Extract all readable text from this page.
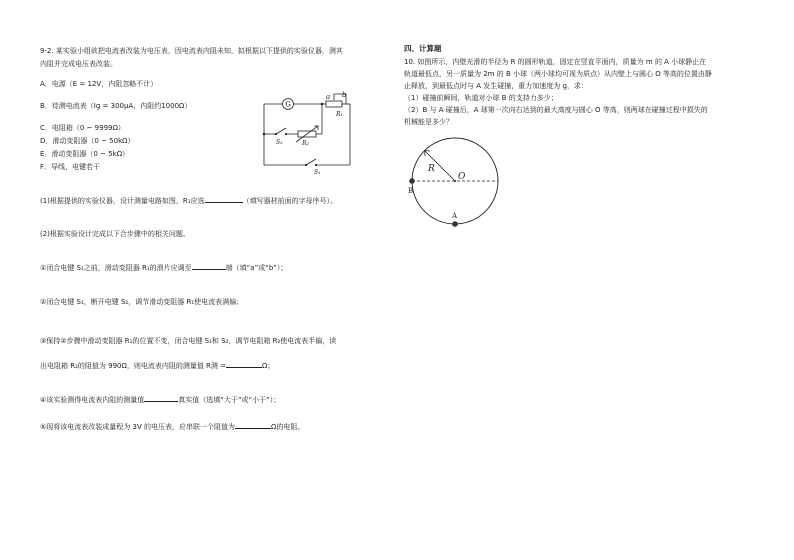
9-2. 某实验小组欲把电流表改装为电压表，因电流表内阻未知，拟根据以下提供的实验仪器，测其
内阻并完成电压表改装。
A．电源（E = 12V，内阻忽略不计）
B．待测电流表（Ig = 300μA，内阻约1000Ω）
C．电阻箱（0 ~ 9999Ω）
D．滑动变阻器（0 ~ 50kΩ）
E．滑动变阻器（0 ~ 5kΩ）
F．导线、电键若干
G
a b
R₁
R₂
S₂
S₁
(1)根据提供的实验仪器，设计测量电路如图，R₁应选	（填写器材前面的字母序号）。
(2)根据实验设计完成以下合步骤中的相关问题。
①闭合电键 S₁之前，滑动变阻器 R₁的滑片应调至	端（填“a”或“b”）；
②闭合电键 S₁，断开电键 S₂，调节滑动变阻器 R₁使电流表满偏；
③保持②步骤中滑动变阻器 R₁的位置不变，闭合电键 S₁和 S₂，调节电阻箱 R₂使电流表半偏，读
出电阻箱 R₂的阻值为 990Ω，则电流表内阻的测量值 R测 =	Ω；
④该实验测得电流表内阻的测量值	真实值（选填“大于”或“小于”）；
⑤现将该电流表改装成量程为 3V 的电压表，应串联一个阻值为	Ω的电阻。
四、计算题
10. 如图所示，内壁光滑的半径为 R 的圆形轨道，固定在竖直平面内，质量为 m 的 A 小球静止在
轨道最低点，另一质量为 2m 的 B 小球（两小球均可视为质点）从内壁上与圆心 O 等高的位置由静
止释放，到最低点时与 A 发生碰撞，重力加速度为 g，求：
（1）碰撞前瞬间，轨道对小球 B 的支持力多少；
（2）B 与 A 碰撞后，A 球第一次向右达到的最大高度与圆心 O 等高，则两球在碰撞过程中损失的
机械能是多少？
R
O
B
A
